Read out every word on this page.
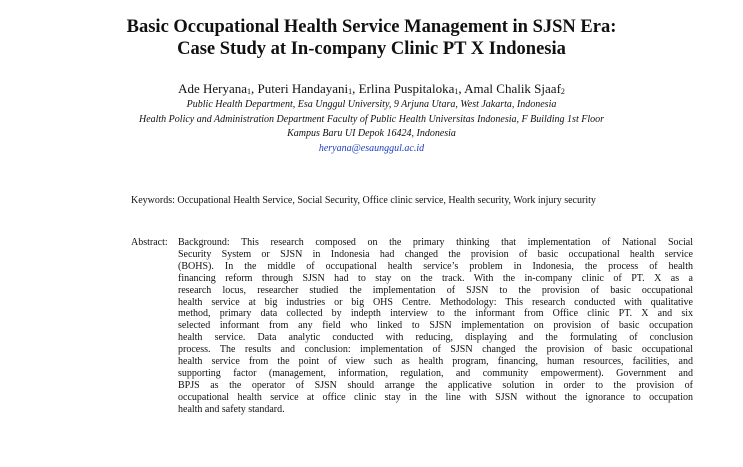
Basic Occupational Health Service Management in SJSN Era:
Case Study at In-company Clinic PT X Indonesia
Ade Heryana$_1$, Puteri Handayani$_1$, Erlina Puspitaloka$_1$, Amal Chalik Sjaaf$_2$
Public Health Department, Esa Unggul University, 9 Arjuna Utara, West Jakarta, Indonesia
Health Policy and Administration Department Faculty of Public Health Universitas Indonesia, F Building 1st Floor
Kampus Baru UI Depok 16424, Indonesia
heryana@esaunggul.ac.id
Keywords: Occupational Health Service, Social Security, Office clinic service, Health security, Work injury security
Abstract: Background: This research composed on the primary thinking that implementation of National Social
Security System or SJSN in Indonesia had changed the provision of basic occupational health service
(BOHS). In the middle of occupational health service’s problem in Indonesia, the process of health
financing reform through SJSN had to stay on the track. With the in-company clinic of PT. X as a
research locus, researcher studied the implementation of SJSN to the provision of basic occupational
health service at big industries or big OHS Centre. Methodology: This research conducted with qualitative
method, primary data collected by indepth interview to the informant from Office clinic PT. X and six
selected informant from any field who linked to SJSN implementation on provision of basic occupation
health service. Data analytic conducted with reducing, displaying and the formulating of conclusion
process. The results and conclusion: implementation of SJSN changed the provision of basic occupational
health service from the point of view such as health program, financing, human resources, facilities, and
supporting factor (management, information, regulation, and community empowerment). Government and
BPJS as the operator of SJSN should arrange the applicative solution in order to the provision of
occupational health service at office clinic stay in the line with SJSN without the ignorance to occupation
health and safety standard.
